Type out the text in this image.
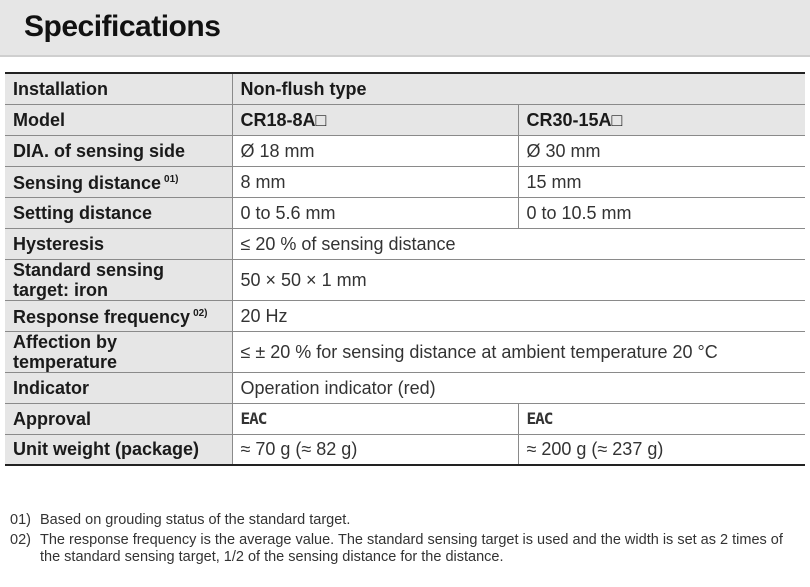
Specifications
Installation	Non-flush type	
Model	CR18-8A□	CR30-15A□
DIA. of sensing side	Ø 18 mm	Ø 30 mm
Sensing distance $^{01)}$	8 mm	15 mm
Setting distance	0 to 5.6 mm	0 to 10.5 mm
Hysteresis	≤ 20 % of sensing distance	
Standard sensing
target: iron	50 × 50 × 1 mm	
Response frequency $^{02)}$	20 Hz	
Affection by
temperature	≤ ± 20 % for sensing distance at ambient temperature 20 °C	
Indicator	Operation indicator (red)	
Approval	EAC	EAC
Unit weight (package)	≈ 70 g (≈ 82 g)	≈ 200 g (≈ 237 g)
01) Based on grouding status of the standard target.
02) The response frequency is the average value. The standard sensing target is used and the width is set as 2 times of the standard sensing target, 1/2 of the sensing distance for the distance.
